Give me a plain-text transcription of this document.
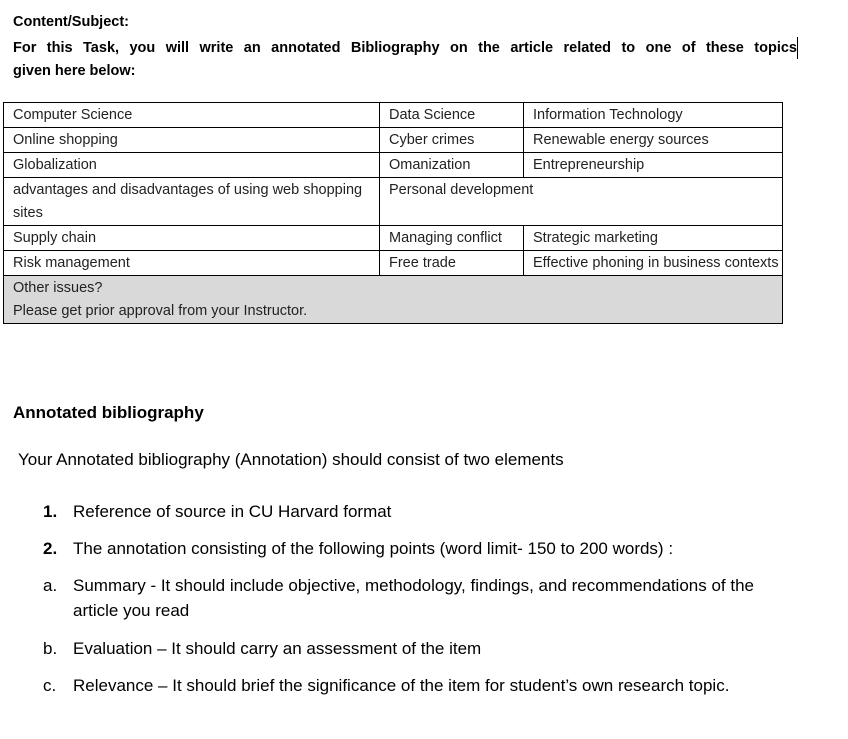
Content/Subject:
For this Task, you will write an annotated Bibliography on the article related to one of these topics
given here below:
Computer Science	Data Science	Information Technology
Online shopping	Cyber crimes	Renewable energy sources
Globalization	Omanization	Entrepreneurship
advantages and disadvantages of using web shopping sites	Personal development	
Supply chain	Managing conflict	Strategic marketing
Risk management	Free trade	Effective phoning in business contexts

Other issues?
Please get prior approval from your Instructor.		
Annotated bibliography
Your Annotated bibliography (Annotation) should consist of two elements
1. Reference of source in CU Harvard format
2. The annotation consisting of the following points (word limit- 150 to 200 words) :
a. Summary - It should include objective, methodology, findings, and recommendations of the article you read
b. Evaluation – It should carry an assessment of the item
c. Relevance – It should brief the significance of the item for student’s own research topic.
